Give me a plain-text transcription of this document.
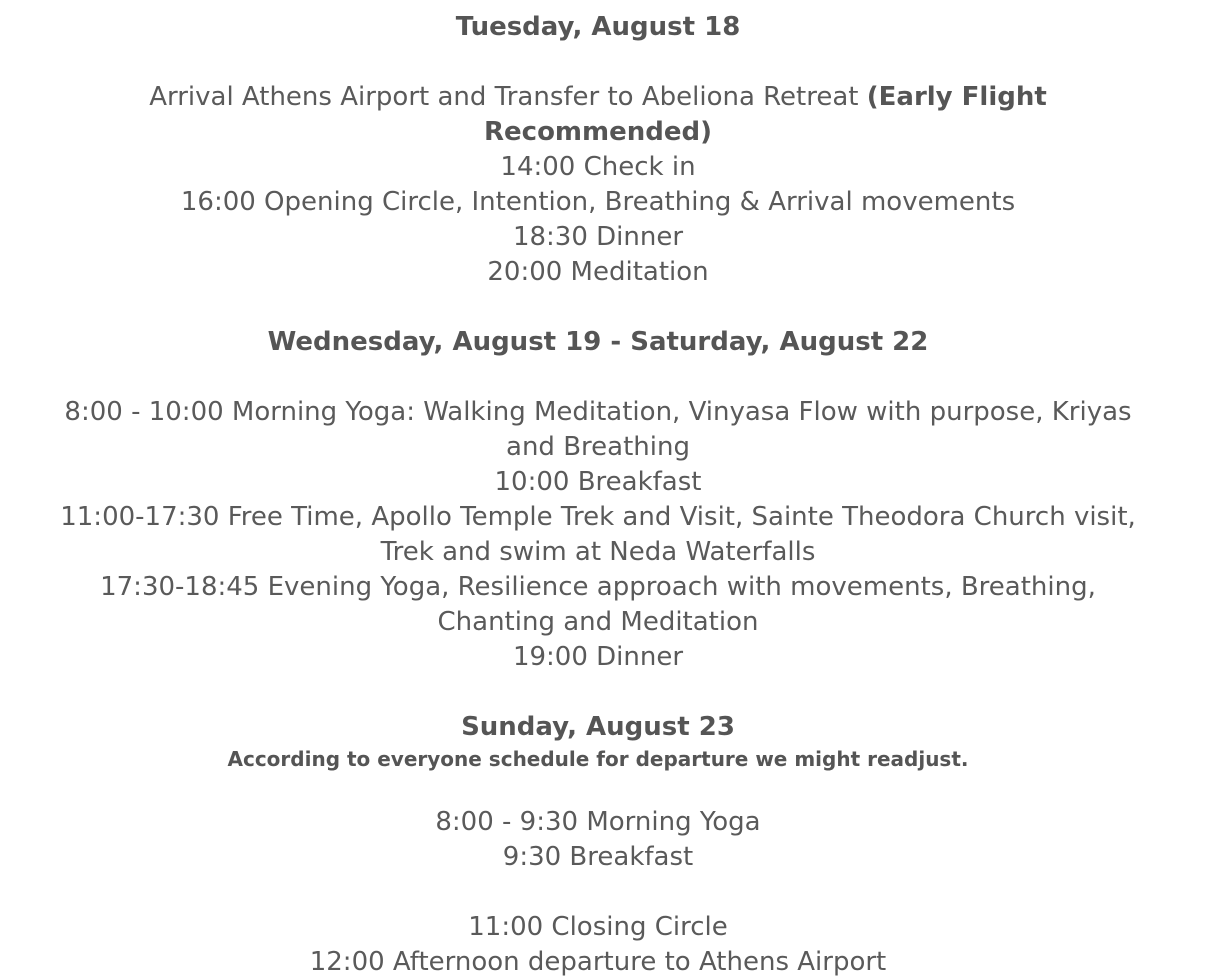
Tuesday, August 18
Arrival Athens Airport and Transfer to Abeliona Retreat (Early Flight Recommended)
14:00 Check in
16:00 Opening Circle, Intention, Breathing & Arrival movements
18:30 Dinner
20:00 Meditation
Wednesday, August 19 - Saturday, August 22
8:00 - 10:00 Morning Yoga: Walking Meditation, Vinyasa Flow with purpose, Kriyas and Breathing
10:00 Breakfast
11:00-17:30 Free Time, Apollo Temple Trek and Visit, Sainte Theodora Church visit, Trek and swim at Neda Waterfalls
17:30-18:45 Evening Yoga, Resilience approach with movements, Breathing, Chanting and Meditation
19:00 Dinner
Sunday, August 23
According to everyone schedule for departure we might readjust.
8:00 - 9:30 Morning Yoga
9:30 Breakfast
11:00 Closing Circle
12:00 Afternoon departure to Athens Airport
